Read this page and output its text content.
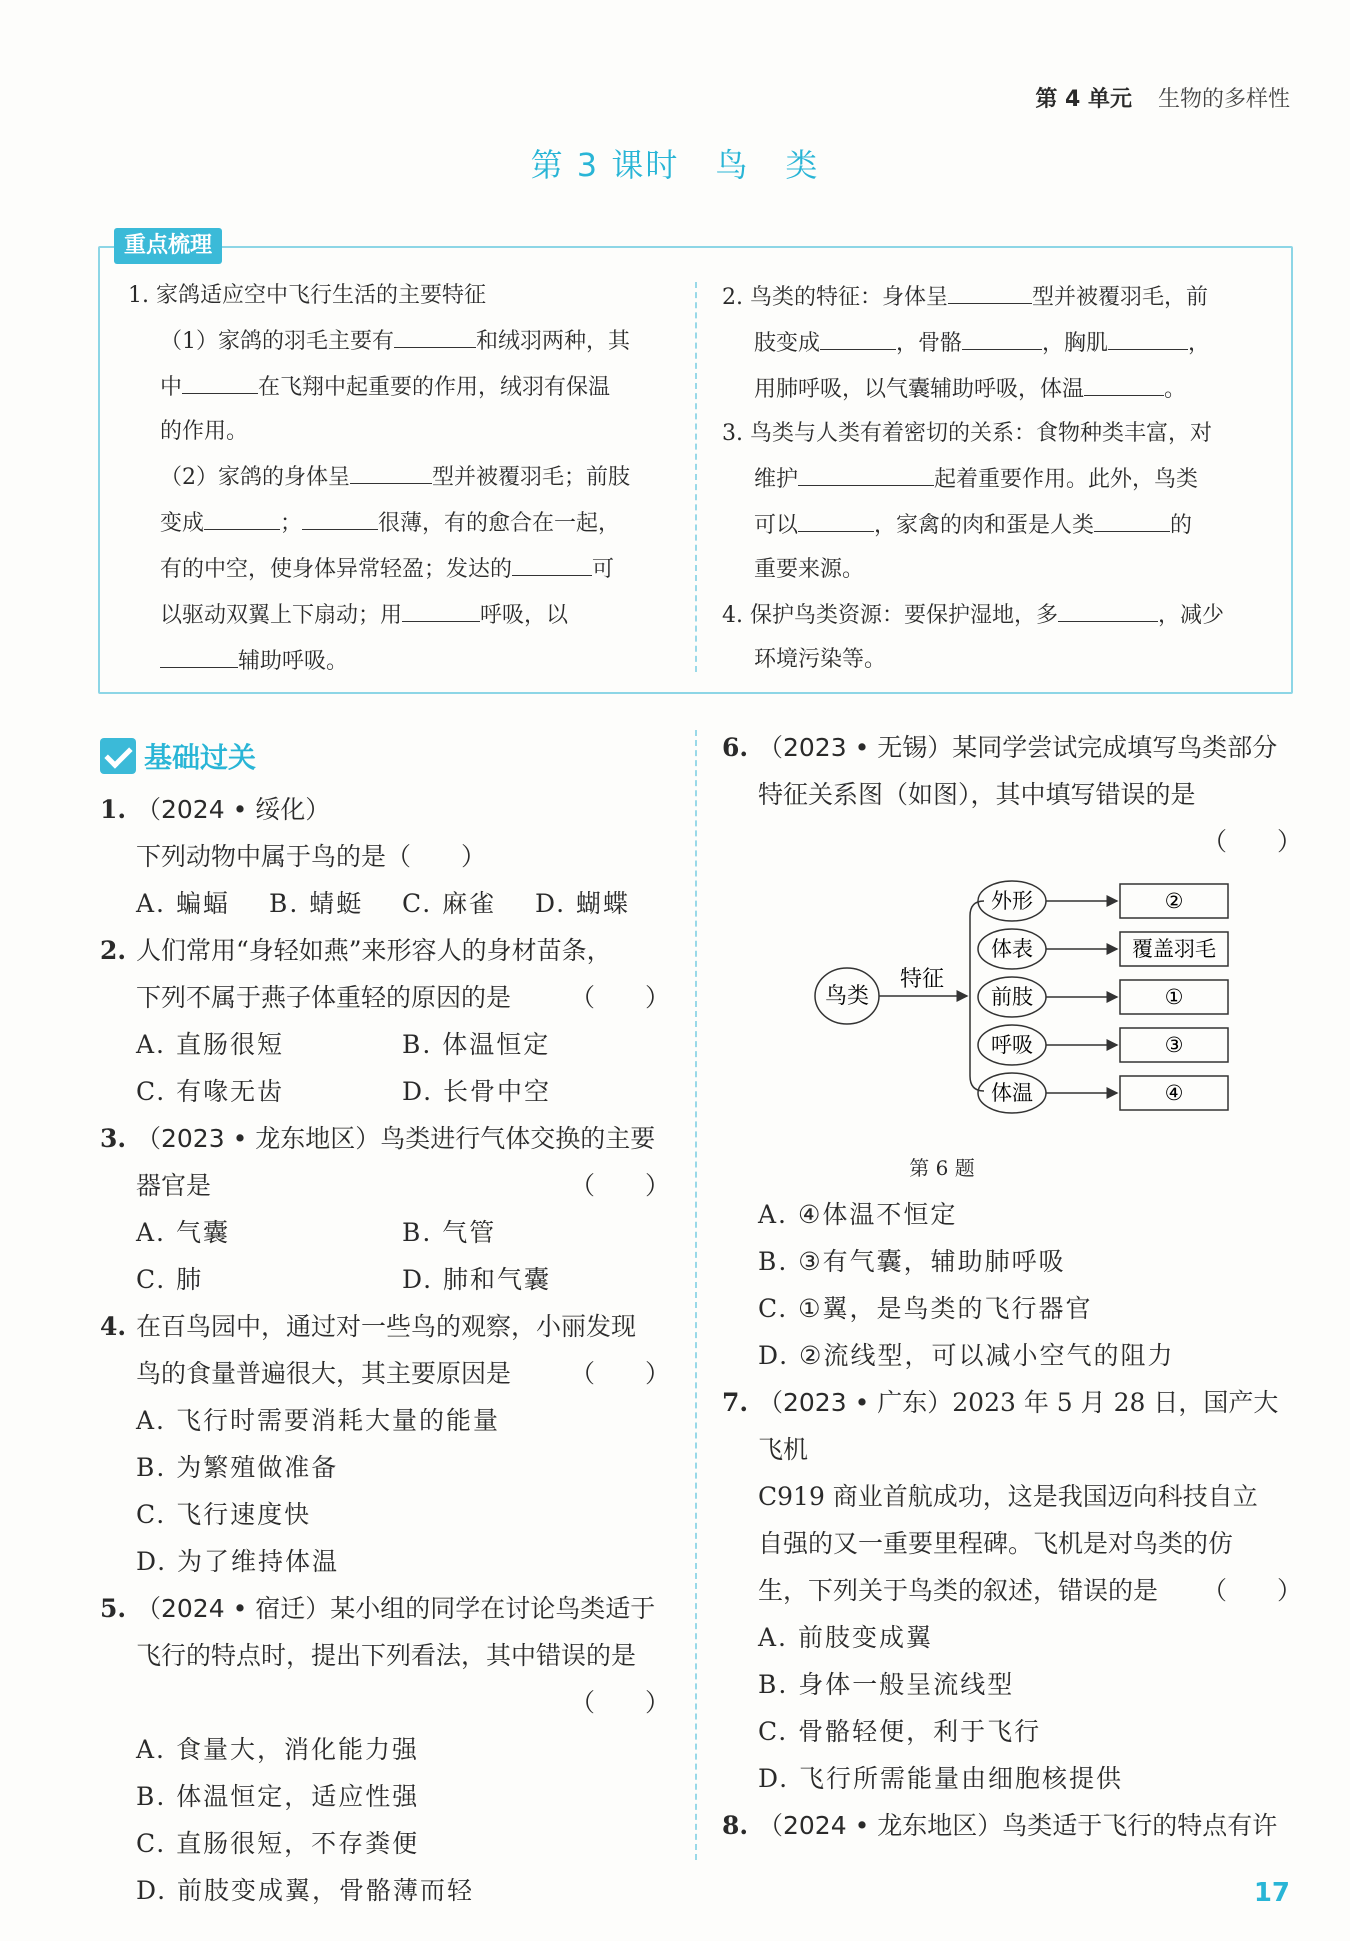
第 4 单元 生物的多样性
第 3 课时 鸟 类
重点梳理

1. 家鸽适应空中飞行生活的主要特征

（1）家鸽的羽毛主要有	和绒羽两种，其

中	在飞翔中起重要的作用，绒羽有保温

的作用。

（2）家鸽的身体呈	型并被覆羽毛；前肢

变成	；	很薄，有的愈合在一起，

有的中空，使身体异常轻盈；发达的	可

以驱动双翼上下扇动；用	呼吸，以

辅助呼吸。

2. 鸟类的特征：身体呈	型并被覆羽毛，前

肢变成	，骨骼	，胸肌	，

用肺呼吸，以气囊辅助呼吸，体温	。

3. 鸟类与人类有着密切的关系：食物种类丰富，对

维护	起着重要作用。此外，鸟类

可以	，家禽的肉和蛋是人类	的

重要来源。

4. 保护鸟类资源：要保护湿地，多	，减少

环境污染等。

基础过关
1. （2024 • 绥化）下列动物中属于鸟的是（　　）
A. 蝙蝠	B. 蜻蜓	C. 麻雀	D. 蝴蝶
2. 人们常用“身轻如燕”来形容人的身材苗条，
下列不属于燕子体重轻的原因的是 （　　）
A. 直肠很短	B. 体温恒定
C. 有喙无齿	D. 长骨中空
3. （2023 • 龙东地区）鸟类进行气体交换的主要
器官是	（　　）
A. 气囊	B. 气管
C. 肺	D. 肺和气囊
4. 在百鸟园中，通过对一些鸟的观察，小丽发现
鸟的食量普遍很大，其主要原因是 （　　）
A. 飞行时需要消耗大量的能量
B. 为繁殖做准备
C. 飞行速度快
D. 为了维持体温
5. （2024 • 宿迁）某小组的同学在讨论鸟类适于
飞行的特点时，提出下列看法，其中错误的是
（　　）
A. 食量大，消化能力强
B. 体温恒定，适应性强
C. 直肠很短，不存粪便
D. 前肢变成翼，骨骼薄而轻
6. （2023 • 无锡）某同学尝试完成填写鸟类部分
特征关系图（如图），其中填写错误的是
（　　）
鸟类
特征
外形	②
体表	覆盖羽毛
前肢	①
呼吸	③
体温	④
第 6 题
A. ④体温不恒定
B. ③有气囊，辅助肺呼吸
C. ①翼，是鸟类的飞行器官
D. ②流线型，可以减小空气的阻力
7. （2023 • 广东）2023 年 5 月 28 日，国产大飞机
C919 商业首航成功，这是我国迈向科技自立
自强的又一重要里程碑。飞机是对鸟类的仿
生，下列关于鸟类的叙述，错误的是 （　　）
A. 前肢变成翼
B. 身体一般呈流线型
C. 骨骼轻便，利于飞行
D. 飞行所需能量由细胞核提供
8. （2024 • 龙东地区）鸟类适于飞行的特点有许
17
